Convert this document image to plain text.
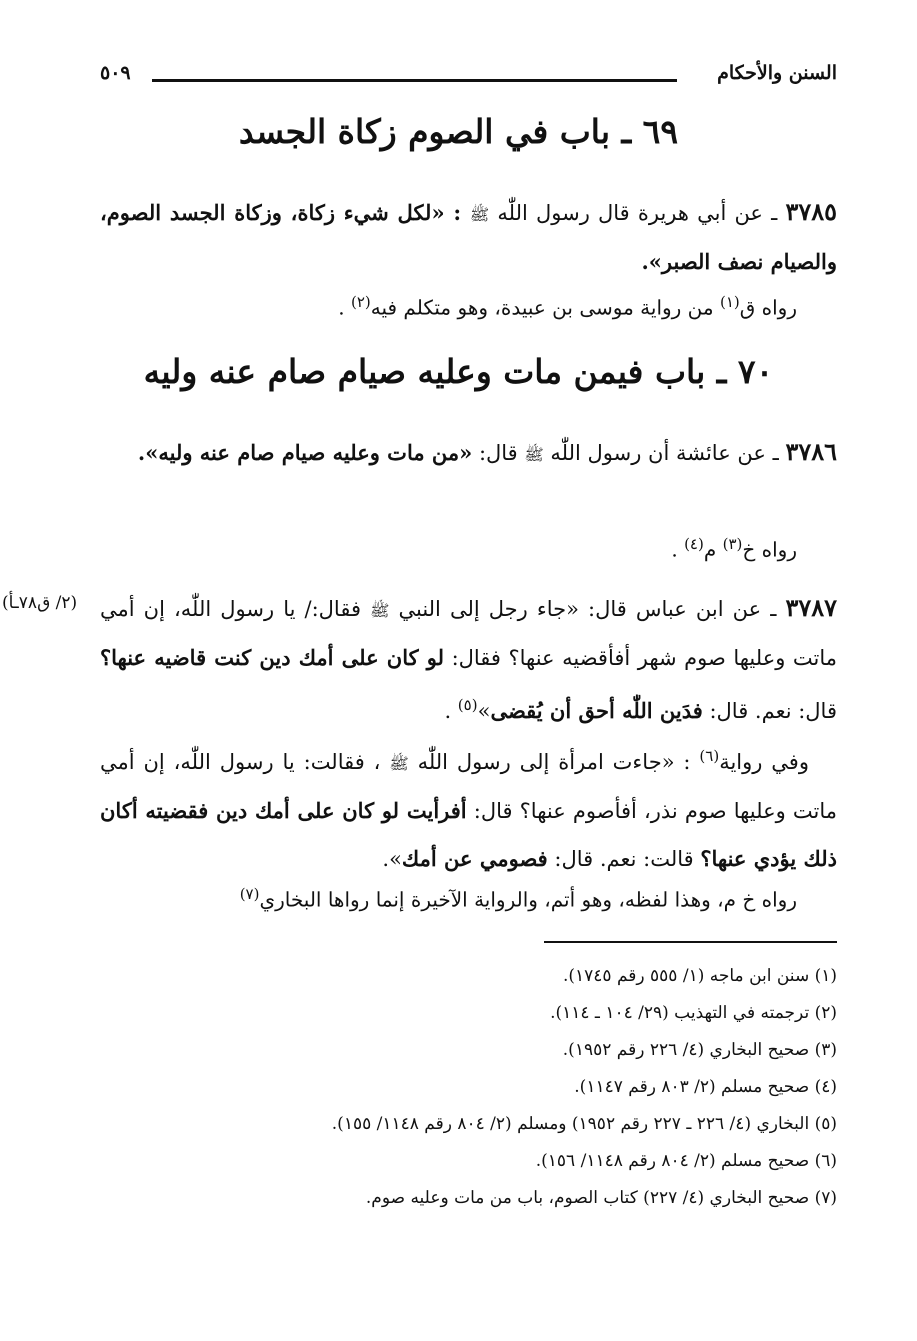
السنن والأحكام
٥٠٩
٦٩ ـ باب في الصوم زكاة الجسد
٣٧٨٥ ـ عن أبي هريرة قال رسول اللّٰه ﷺ : «لكل شيء زكاة، وزكاة الجسد الصوم، والصيام نصف الصبر».
رواه ق$^{(١)}$ من رواية موسى بن عبيدة، وهو متكلم فيه$^{(٢)}$ .
٧٠ ـ باب فيمن مات وعليه صيام صام عنه وليه
٣٧٨٦ ـ عن عائشة أن رسول اللّٰه ﷺ قال: «من مات وعليه صيام صام عنه وليه».
رواه خ$^{(٣)}$ م$^{(٤)}$ .
(٢/ ق٧٨ـأ)	٣٧٨٧ ـ عن ابن عباس قال: «جاء رجل إلى النبي ﷺ فقال:/ يا رسول اللّٰه، إن أمي ماتت وعليها صوم شهر أفأقضيه عنها؟ فقال: لو كان على أمك دين كنت قاضيه عنها؟ قال: نعم. قال: فدَين اللّٰه أحق أن يُقضى»$^{(٥)}$ .
وفي رواية$^{(٦)}$ : «جاءت امرأة إلى رسول اللّٰه ﷺ ، فقالت: يا رسول اللّٰه، إن أمي ماتت وعليها صوم نذر، أفأصوم عنها؟ قال: أفرأيت لو كان على أمك دين فقضيته أكان ذلك يؤدي عنها؟ قالت: نعم. قال: فصومي عن أمك».
رواه خ م، وهذا لفظه، وهو أتم، والرواية الآخيرة إنما رواها البخاري$^{(٧)}$
(١) سنن ابن ماجه (١/ ٥٥٥ رقم ١٧٤٥).
(٢) ترجمته في التهذيب (٢٩/ ١٠٤ ـ ١١٤).
(٣) صحيح البخاري (٤/ ٢٢٦ رقم ١٩٥٢).
(٤) صحيح مسلم (٢/ ٨٠٣ رقم ١١٤٧).
(٥) البخاري (٤/ ٢٢٦ ـ ٢٢٧ رقم ١٩٥٢) ومسلم (٢/ ٨٠٤ رقم ١١٤٨/ ١٥٥).
(٦) صحيح مسلم (٢/ ٨٠٤ رقم ١١٤٨/ ١٥٦).
(٧) صحيح البخاري (٤/ ٢٢٧) كتاب الصوم، باب من مات وعليه صوم.
